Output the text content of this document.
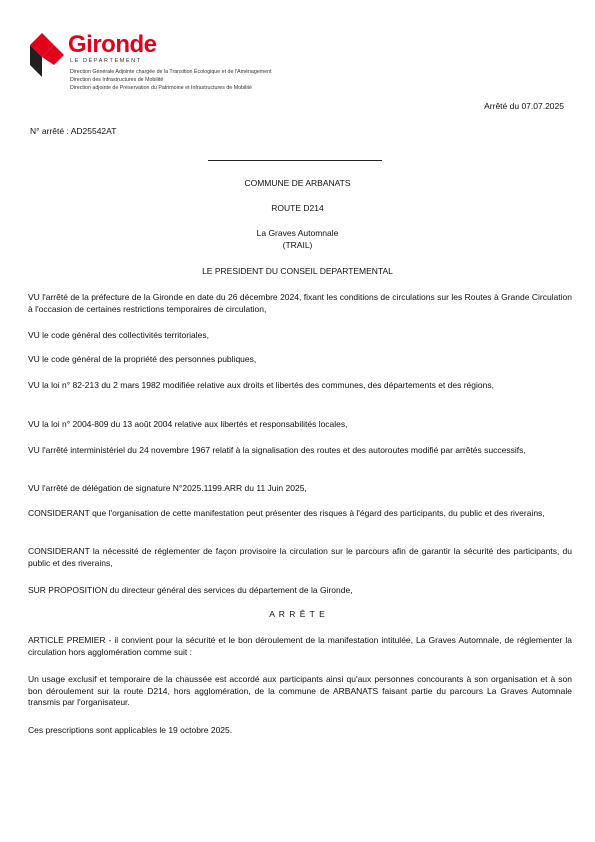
Gironde
LE DÉPARTEMENT
Direction Générale Adjointe chargée de la Transition Écologique et de l'Aménagement
Direction des Infrastructures de Mobilité
Direction adjointe de Préservation du Patrimoine et Infrastructures de Mobilité
Arrêté du 07.07.2025
N° arrêté : AD25542AT
COMMUNE DE ARBANATS
ROUTE D214
La Graves Automnale
(TRAIL)
LE PRESIDENT DU CONSEIL DEPARTEMENTAL
VU l'arrêté de la préfecture de la Gironde en date du 26 décembre 2024, fixant les conditions de circulations sur les Routes à Grande Circulation à l'occasion de certaines restrictions temporaires de circulation,
VU le code général des collectivités territoriales,
VU le code général de la propriété des personnes publiques,
VU la loi n° 82-213 du 2 mars 1982 modifiée relative aux droits et libertés des communes, des départements et des régions,
VU la loi n° 2004-809 du 13 août 2004 relative aux libertés et responsabilités locales,
VU l'arrêté interministériel du 24 novembre 1967 relatif à la signalisation des routes et des autoroutes modifié par arrêtés successifs,
VU l'arrêté de délégation de signature N°2025.1199.ARR du 11 Juin 2025,
CONSIDERANT que l'organisation de cette manifestation peut présenter des risques à l'égard des participants, du public et des riverains,
CONSIDERANT la nécessité de réglementer de façon provisoire la circulation sur le parcours afin de garantir la sécurité des participants, du public et des riverains,
SUR PROPOSITION du directeur général des services du département de la Gironde,
A R R Ê T E
ARTICLE PREMIER - il convient pour la sécurité et le bon déroulement de la manifestation intitulée, La Graves Automnale, de réglementer la circulation hors agglomération comme suit :
Un usage exclusif et temporaire de la chaussée est accordé aux participants ainsi qu'aux personnes concourants à son organisation et à son bon déroulement sur la route D214, hors agglomération, de la commune de ARBANATS faisant partie du parcours La Graves Automnale transmis par l'organisateur.
Ces prescriptions sont applicables le 19 octobre 2025.
